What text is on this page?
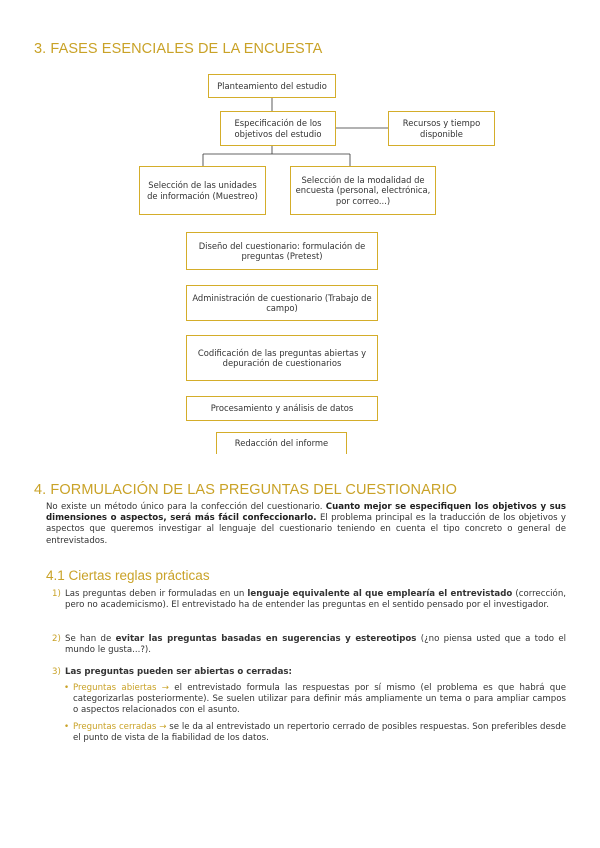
3. FASES ESENCIALES DE LA ENCUESTA
Planteamiento del estudio
Especificación de los objetivos del estudio
Recursos y tiempo disponible
Selección de las unidades de información (Muestreo)
Selección de la modalidad de encuesta (personal, electrónica, por correo...)
Diseño del cuestionario: formulación de preguntas (Pretest)
Administración de cuestionario (Trabajo de campo)
Codificación de las preguntas abiertas y depuración de cuestionarios
Procesamiento y análisis de datos
Redacción del informe
4. FORMULACIÓN DE LAS PREGUNTAS DEL CUESTIONARIO
No existe un método único para la confección del cuestionario. Cuanto mejor se especifiquen los objetivos y sus dimensiones o aspectos, será más fácil confeccionarlo. El problema principal es la traducción de los objetivos y aspectos que queremos investigar al lenguaje del cuestionario teniendo en cuenta el tipo concreto o general de entrevistados.
4.1 Ciertas reglas prácticas
1) Las preguntas deben ir formuladas en un lenguaje equivalente al que emplearía el entrevistado (corrección, pero no academicismo). El entrevistado ha de entender las preguntas en el sentido pensado por el investigador.
2) Se han de evitar las preguntas basadas en sugerencias y estereotipos (¿no piensa usted que a todo el mundo le gusta...?).
3) Las preguntas pueden ser abiertas o cerradas:
• Preguntas abiertas → el entrevistado formula las respuestas por sí mismo (el problema es que habrá que categorizarlas posteriormente). Se suelen utilizar para definir más ampliamente un tema o para ampliar campos o aspectos relacionados con el asunto.
• Preguntas cerradas → se le da al entrevistado un repertorio cerrado de posibles respuestas. Son preferibles desde el punto de vista de la fiabilidad de los datos.
